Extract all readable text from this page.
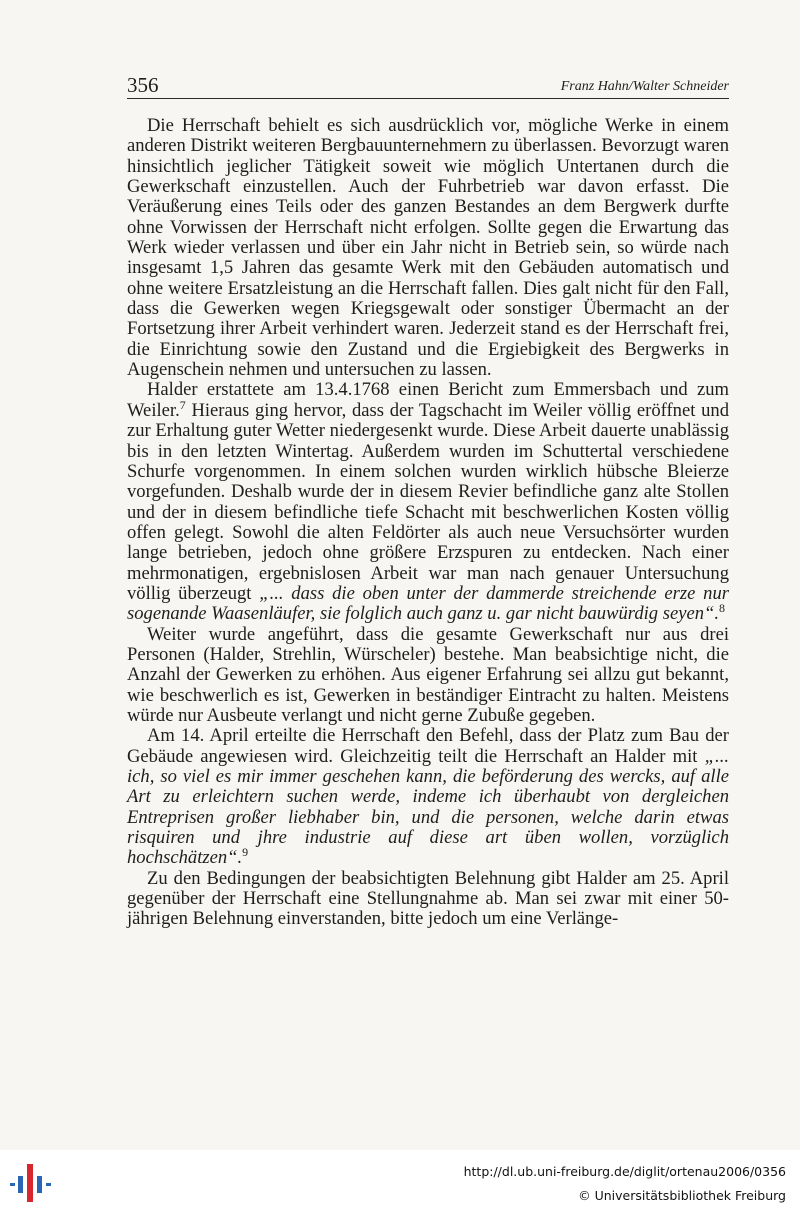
356	Franz Hahn/Walter Schneider

Die Herrschaft behielt es sich ausdrücklich vor, mögliche Werke in einem anderen Distrikt weiteren Bergbauunternehmern zu überlassen. Bevorzugt waren hinsichtlich jeglicher Tätigkeit soweit wie möglich Untertanen durch die Gewerkschaft einzustellen. Auch der Fuhrbetrieb war davon erfasst. Die Veräußerung eines Teils oder des ganzen Bestandes an dem Bergwerk durfte ohne Vorwissen der Herrschaft nicht erfolgen. Sollte gegen die Erwartung das Werk wieder verlassen und über ein Jahr nicht in Betrieb sein, so würde nach insgesamt 1,5 Jahren das gesamte Werk mit den Gebäuden automatisch und ohne weitere Ersatzleistung an die Herrschaft fallen. Dies galt nicht für den Fall, dass die Gewerken wegen Kriegsgewalt oder sonstiger Übermacht an der Fortsetzung ihrer Arbeit verhindert waren. Jederzeit stand es der Herrschaft frei, die Einrichtung sowie den Zustand und die Ergiebigkeit des Bergwerks in Augenschein nehmen und untersuchen zu lassen.

Halder erstattete am 13.4.1768 einen Bericht zum Emmersbach und zum Weiler.$^7$ Hieraus ging hervor, dass der Tagschacht im Weiler völlig eröffnet und zur Erhaltung guter Wetter niedergesenkt wurde. Diese Arbeit dauerte unablässig bis in den letzten Wintertag. Außerdem wurden im Schuttertal verschiedene Schurfe vorgenommen. In einem solchen wurden wirklich hübsche Bleierze vorgefunden. Deshalb wurde der in diesem Revier befindliche ganz alte Stollen und der in diesem befindliche tiefe Schacht mit beschwerlichen Kosten völlig offen gelegt. Sowohl die alten Feldörter als auch neue Versuchsörter wurden lange betrieben, jedoch ohne größere Erzspuren zu entdecken. Nach einer mehrmonatigen, ergebnislosen Arbeit war man nach genauer Untersuchung völlig überzeugt „... dass die oben unter der dammerde streichende erze nur sogenande Waasenläufer, sie folglich auch ganz u. gar nicht bauwürdig seyen“.$^8$

Weiter wurde angeführt, dass die gesamte Gewerkschaft nur aus drei Personen (Halder, Strehlin, Würscheler) bestehe. Man beabsichtige nicht, die Anzahl der Gewerken zu erhöhen. Aus eigener Erfahrung sei allzu gut bekannt, wie beschwerlich es ist, Gewerken in beständiger Eintracht zu halten. Meistens würde nur Ausbeute verlangt und nicht gerne Zubuße gegeben.

Am 14. April erteilte die Herrschaft den Befehl, dass der Platz zum Bau der Gebäude angewiesen wird. Gleichzeitig teilt die Herrschaft an Halder mit „... ich, so viel es mir immer geschehen kann, die beförderung des wercks, auf alle Art zu erleichtern suchen werde, indeme ich überhaubt von dergleichen Entreprisen großer liebhaber bin, und die personen, welche darin etwas risquiren und jhre industrie auf diese art üben wollen, vorzüglich hochschätzen“.$^9$

Zu den Bedingungen der beabsichtigten Belehnung gibt Halder am 25. April gegenüber der Herrschaft eine Stellungnahme ab. Man sei zwar mit einer 50-jährigen Belehnung einverstanden, bitte jedoch um eine Verlänge-

http://dl.ub.uni-freiburg.de/diglit/ortenau2006/0356
© Universitätsbibliothek Freiburg
